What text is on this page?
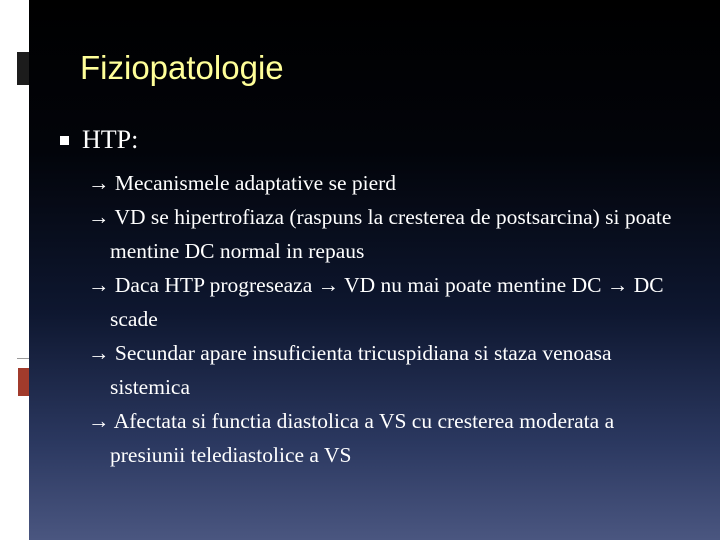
Fiziopatologie
HTP:

→ Mecanismele adaptative se pierd

→ VD se hipertrofiaza (raspuns la cresterea de postsarcina) si poate mentine DC normal in repaus

→ Daca HTP progreseaza → VD nu mai poate mentine DC → DC scade

→ Secundar apare insuficienta tricuspidiana si staza venoasa sistemica

→ Afectata si functia diastolica a VS cu cresterea moderata a presiunii telediastolice a VS
